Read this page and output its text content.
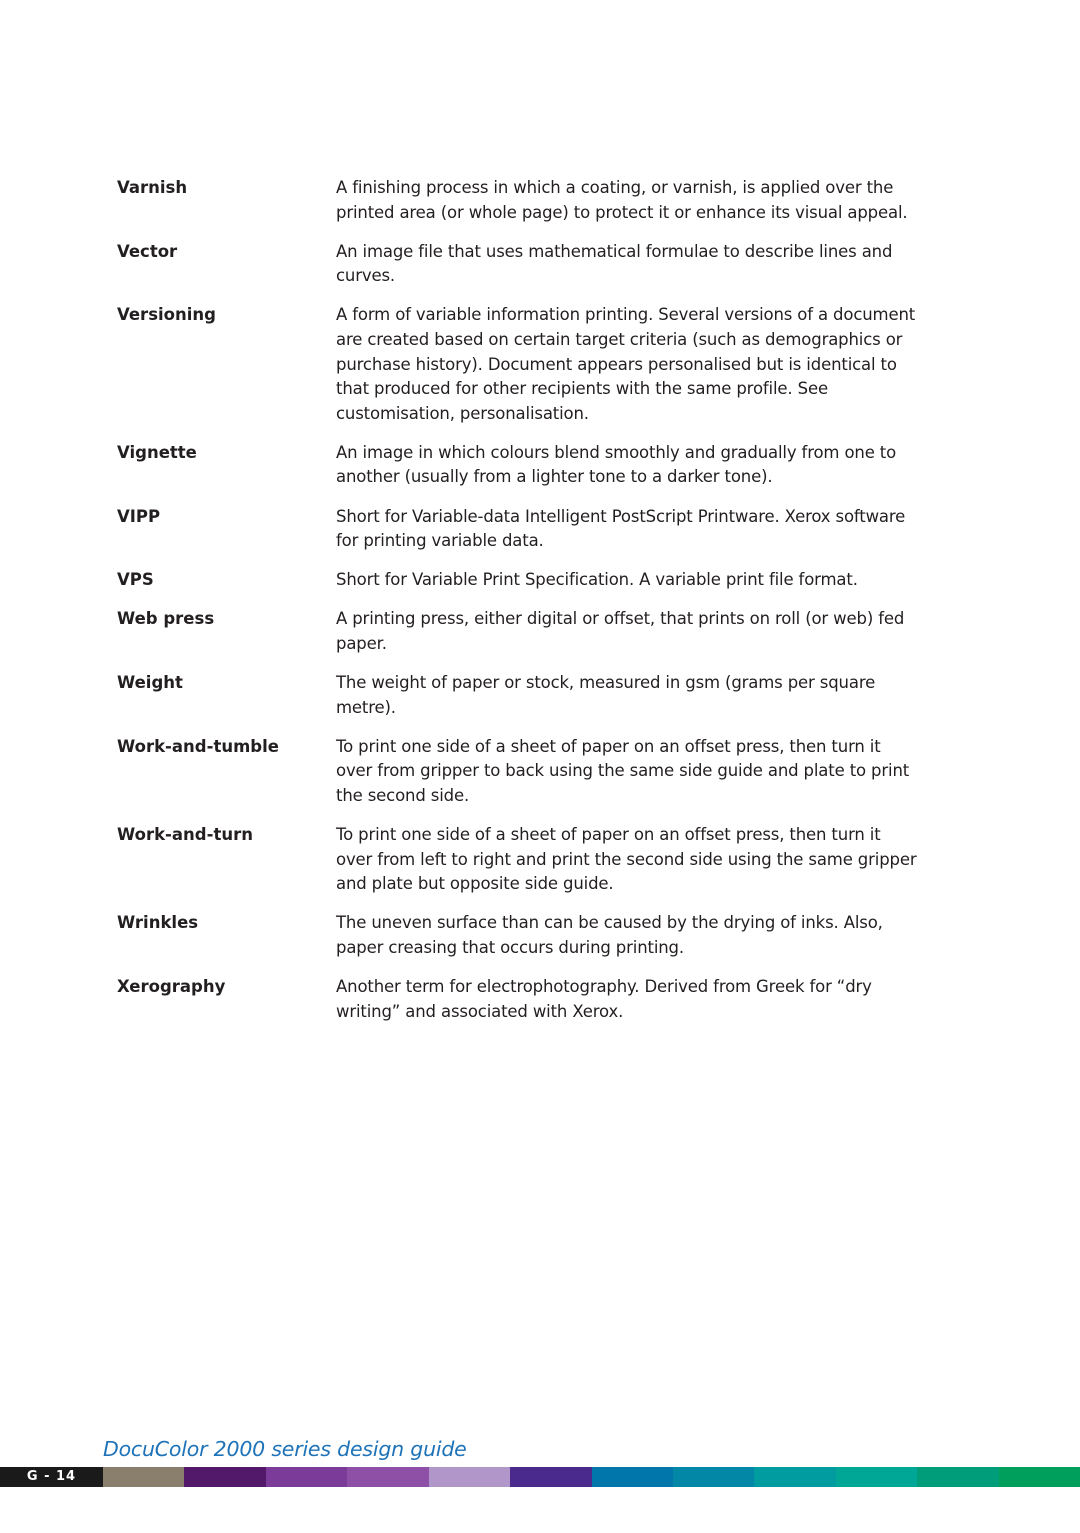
Varnish	A finishing process in which a coating, or varnish, is applied over the
printed area (or whole page) to protect it or enhance its visual appeal.
Vector	An image file that uses mathematical formulae to describe lines and
curves.
Versioning	A form of variable information printing. Several versions of a document
are created based on certain target criteria (such as demographics or
purchase history). Document appears personalised but is identical to
that produced for other recipients with the same profile. See
customisation, personalisation.
Vignette	An image in which colours blend smoothly and gradually from one to
another (usually from a lighter tone to a darker tone).
VIPP	Short for Variable-data Intelligent PostScript Printware. Xerox software
for printing variable data.
VPS	Short for Variable Print Specification. A variable print file format.
Web press	A printing press, either digital or offset, that prints on roll (or web) fed
paper.
Weight	The weight of paper or stock, measured in gsm (grams per square
metre).
Work-and-tumble	To print one side of a sheet of paper on an offset press, then turn it
over from gripper to back using the same side guide and plate to print
the second side.
Work-and-turn	To print one side of a sheet of paper on an offset press, then turn it
over from left to right and print the second side using the same gripper
and plate but opposite side guide.
Wrinkles	The uneven surface than can be caused by the drying of inks. Also,
paper creasing that occurs during printing.
Xerography	Another term for electrophotography. Derived from Greek for “dry
writing” and associated with Xerox.
DocuColor 2000 series design guide
G - 14
